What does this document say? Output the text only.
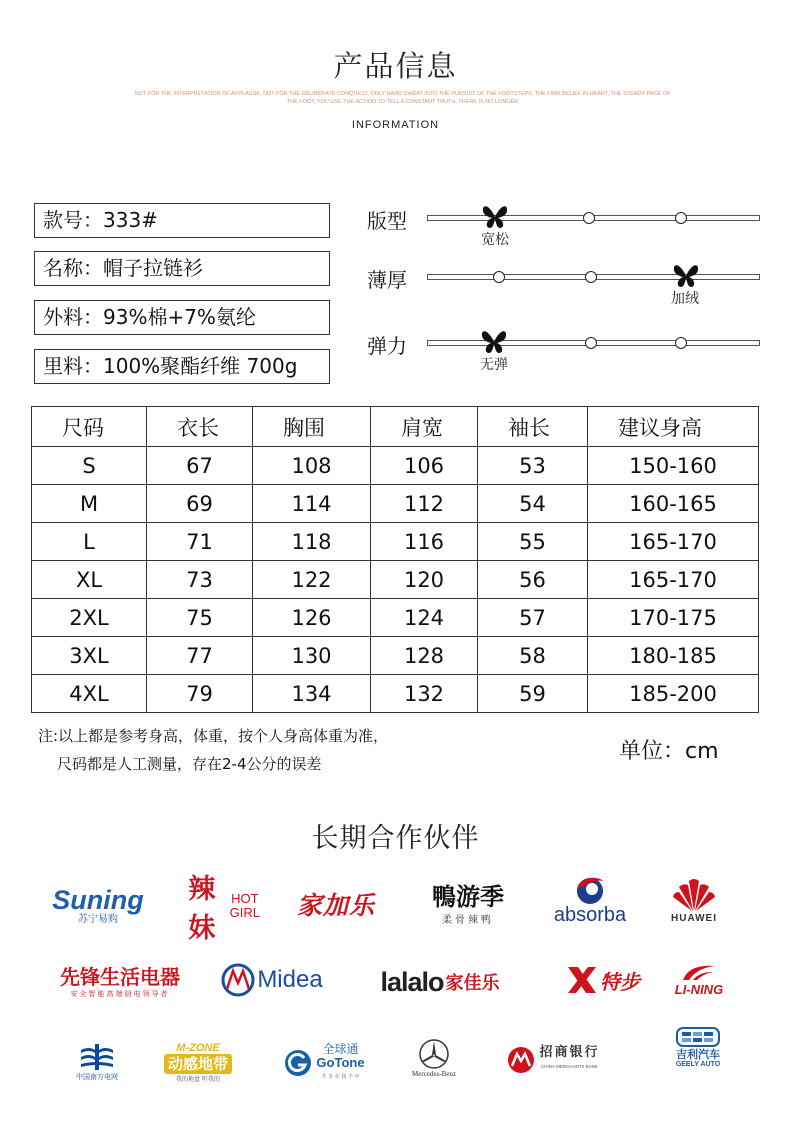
产品信息
NOT FOR THE INTERPRETATION OF APPLAUSE, NOT FOR THE DELIBERATE CONQUEST, ONLY HARD SWEAT INTO THE PURSUIT OF THE FOOTSTEPS, THE FIRM BELIEF IN HEART, THE STEADY PACE OF THE FOOT, YOU USE THE ACTION TO TELL A CONSTANT TRUTH, THERE IS NO LONGER
INFORMATION
款号：333#
名称：帽子拉链衫
外料：93%棉+7%氨纶
里料：100%聚酯纤维 700g
版型
宽松
薄厚
加绒
弹力
无弹
尺码	衣长	胸围	肩宽	袖长	建议身高
S	67	108	106	53	150-160
M	69	114	112	54	160-165
L	71	118	116	55	165-170
XL	73	122	120	56	165-170
2XL	75	126	124	57	170-175
3XL	77	130	128	58	180-185
4XL	79	134	132	59	185-200
注:以上都是参考身高，体重，按个人身高体重为准，
尺码都是人工测量，存在2-4公分的误差	单位：cm
长期合作伙伴
Suning
苏宁易购
辣妹
HOT
GIRL 家加乐 鴨游季
柔骨辣鸭	absorba	HUAWEI
先锋生活电器
安全智能高端厨电领导者
Midea lalalo 家佳乐	特步	LI-NING
中国南方电网
M-ZONE
动感地带
我的地盘 听我的
全球通
GoTone
共 享 在 我 手 中	Mercedes-Benz
招商银行
CHINA MERCHANTS BANK
吉利汽车
GEELY AUTO
